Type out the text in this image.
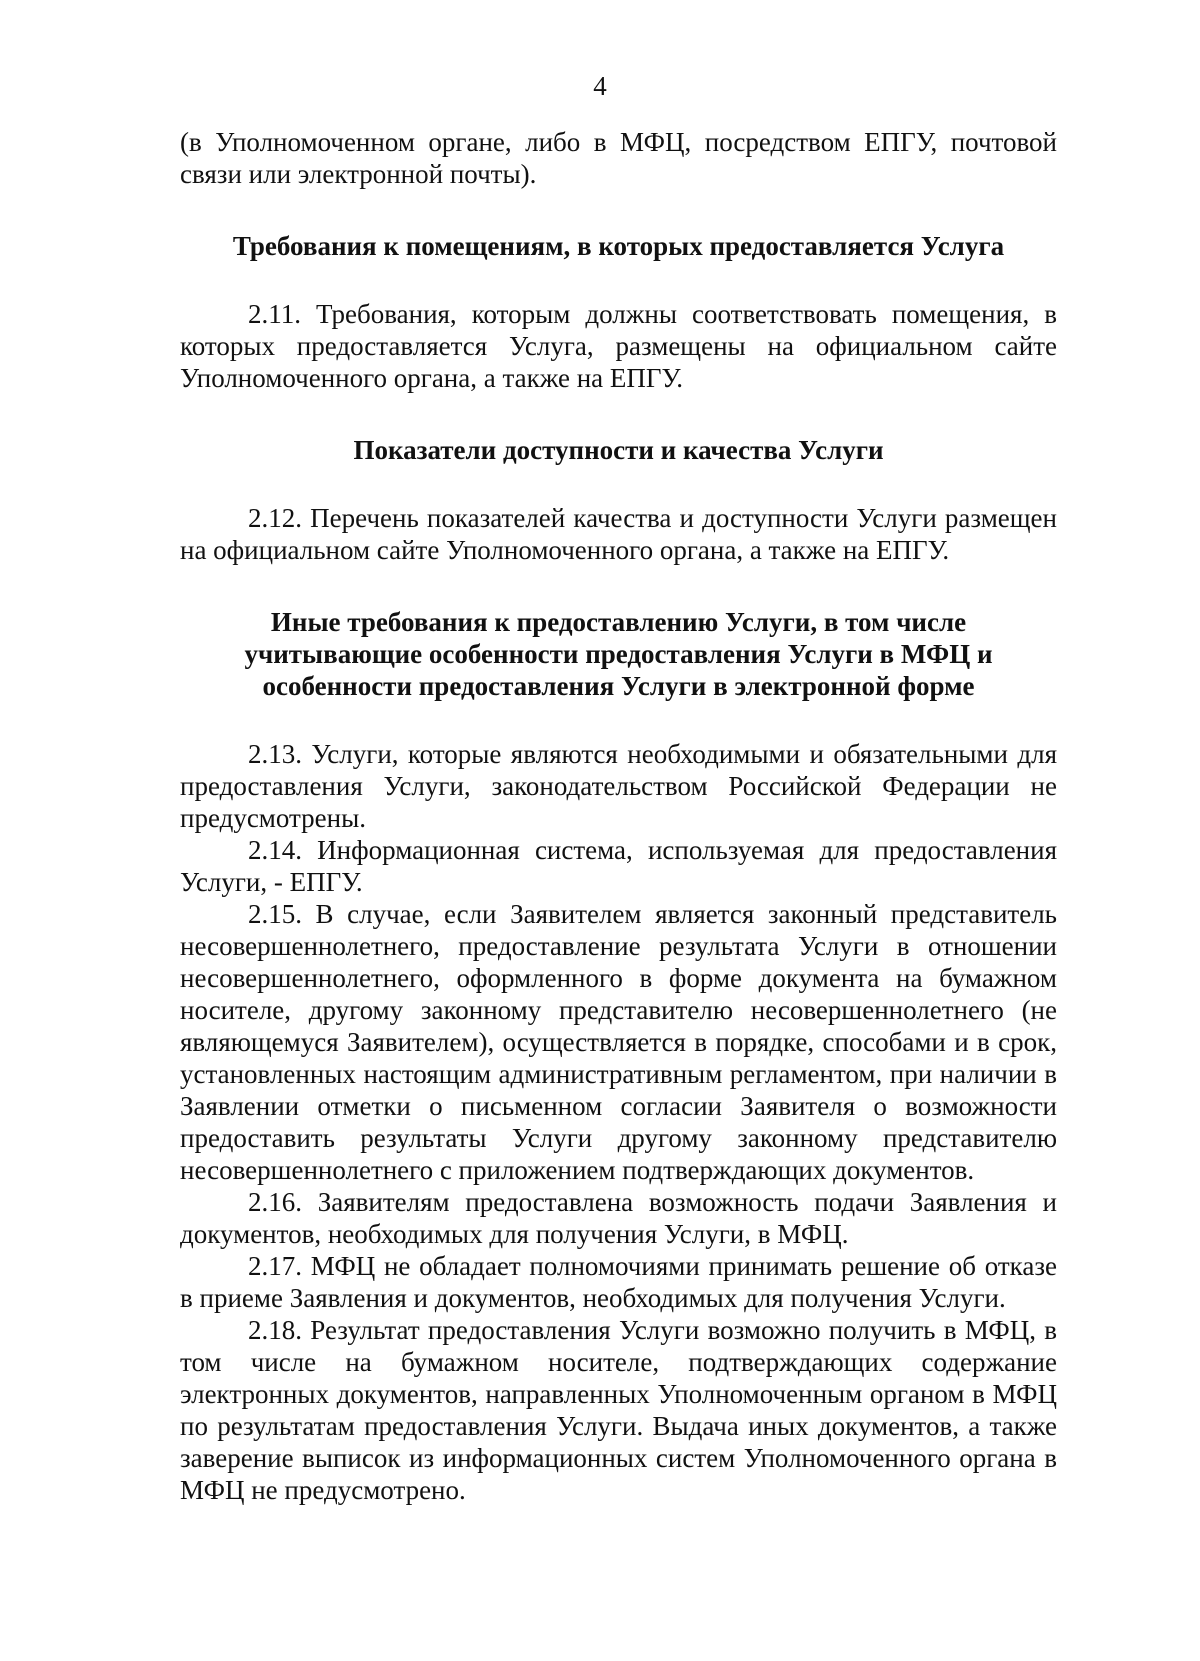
4

(в Уполномоченном органе, либо в МФЦ, посредством ЕПГУ, почтовой связи или электронной почты).

Требования к помещениям, в которых предоставляется Услуга

2.11. Требования, которым должны соответствовать помещения, в которых предоставляется Услуга, размещены на официальном сайте Уполномоченного органа, а также на ЕПГУ.

Показатели доступности и качества Услуги

2.12. Перечень показателей качества и доступности Услуги размещен на официальном сайте Уполномоченного органа, а также на ЕПГУ.

Иные требования к предоставлению Услуги, в том числе

учитывающие особенности предоставления Услуги в МФЦ и

особенности предоставления Услуги в электронной форме

2.13. Услуги, которые являются необходимыми и обязательными для предоставления Услуги, законодательством Российской Федерации не предусмотрены.

2.14. Информационная система, используемая для предоставления Услуги, - ЕПГУ.

2.15. В случае, если Заявителем является законный представитель несовершеннолетнего, предоставление результата Услуги в отношении несовершеннолетнего, оформленного в форме документа на бумажном носителе, другому законному представителю несовершеннолетнего (не являющемуся Заявителем), осуществляется в порядке, способами и в срок, установленных настоящим административным регламентом, при наличии в Заявлении отметки о письменном согласии Заявителя о возможности предоставить результаты Услуги другому законному представителю несовершеннолетнего с приложением подтверждающих документов.

2.16. Заявителям предоставлена возможность подачи Заявления и документов, необходимых для получения Услуги, в МФЦ.

2.17. МФЦ не обладает полномочиями принимать решение об отказе в приеме Заявления и документов, необходимых для получения Услуги.

2.18. Результат предоставления Услуги возможно получить в МФЦ, в том числе на бумажном носителе, подтверждающих содержание электронных документов, направленных Уполномоченным органом в МФЦ по результатам предоставления Услуги. Выдача иных документов, а также заверение выписок из информационных систем Уполномоченного органа в МФЦ не предусмотрено.
